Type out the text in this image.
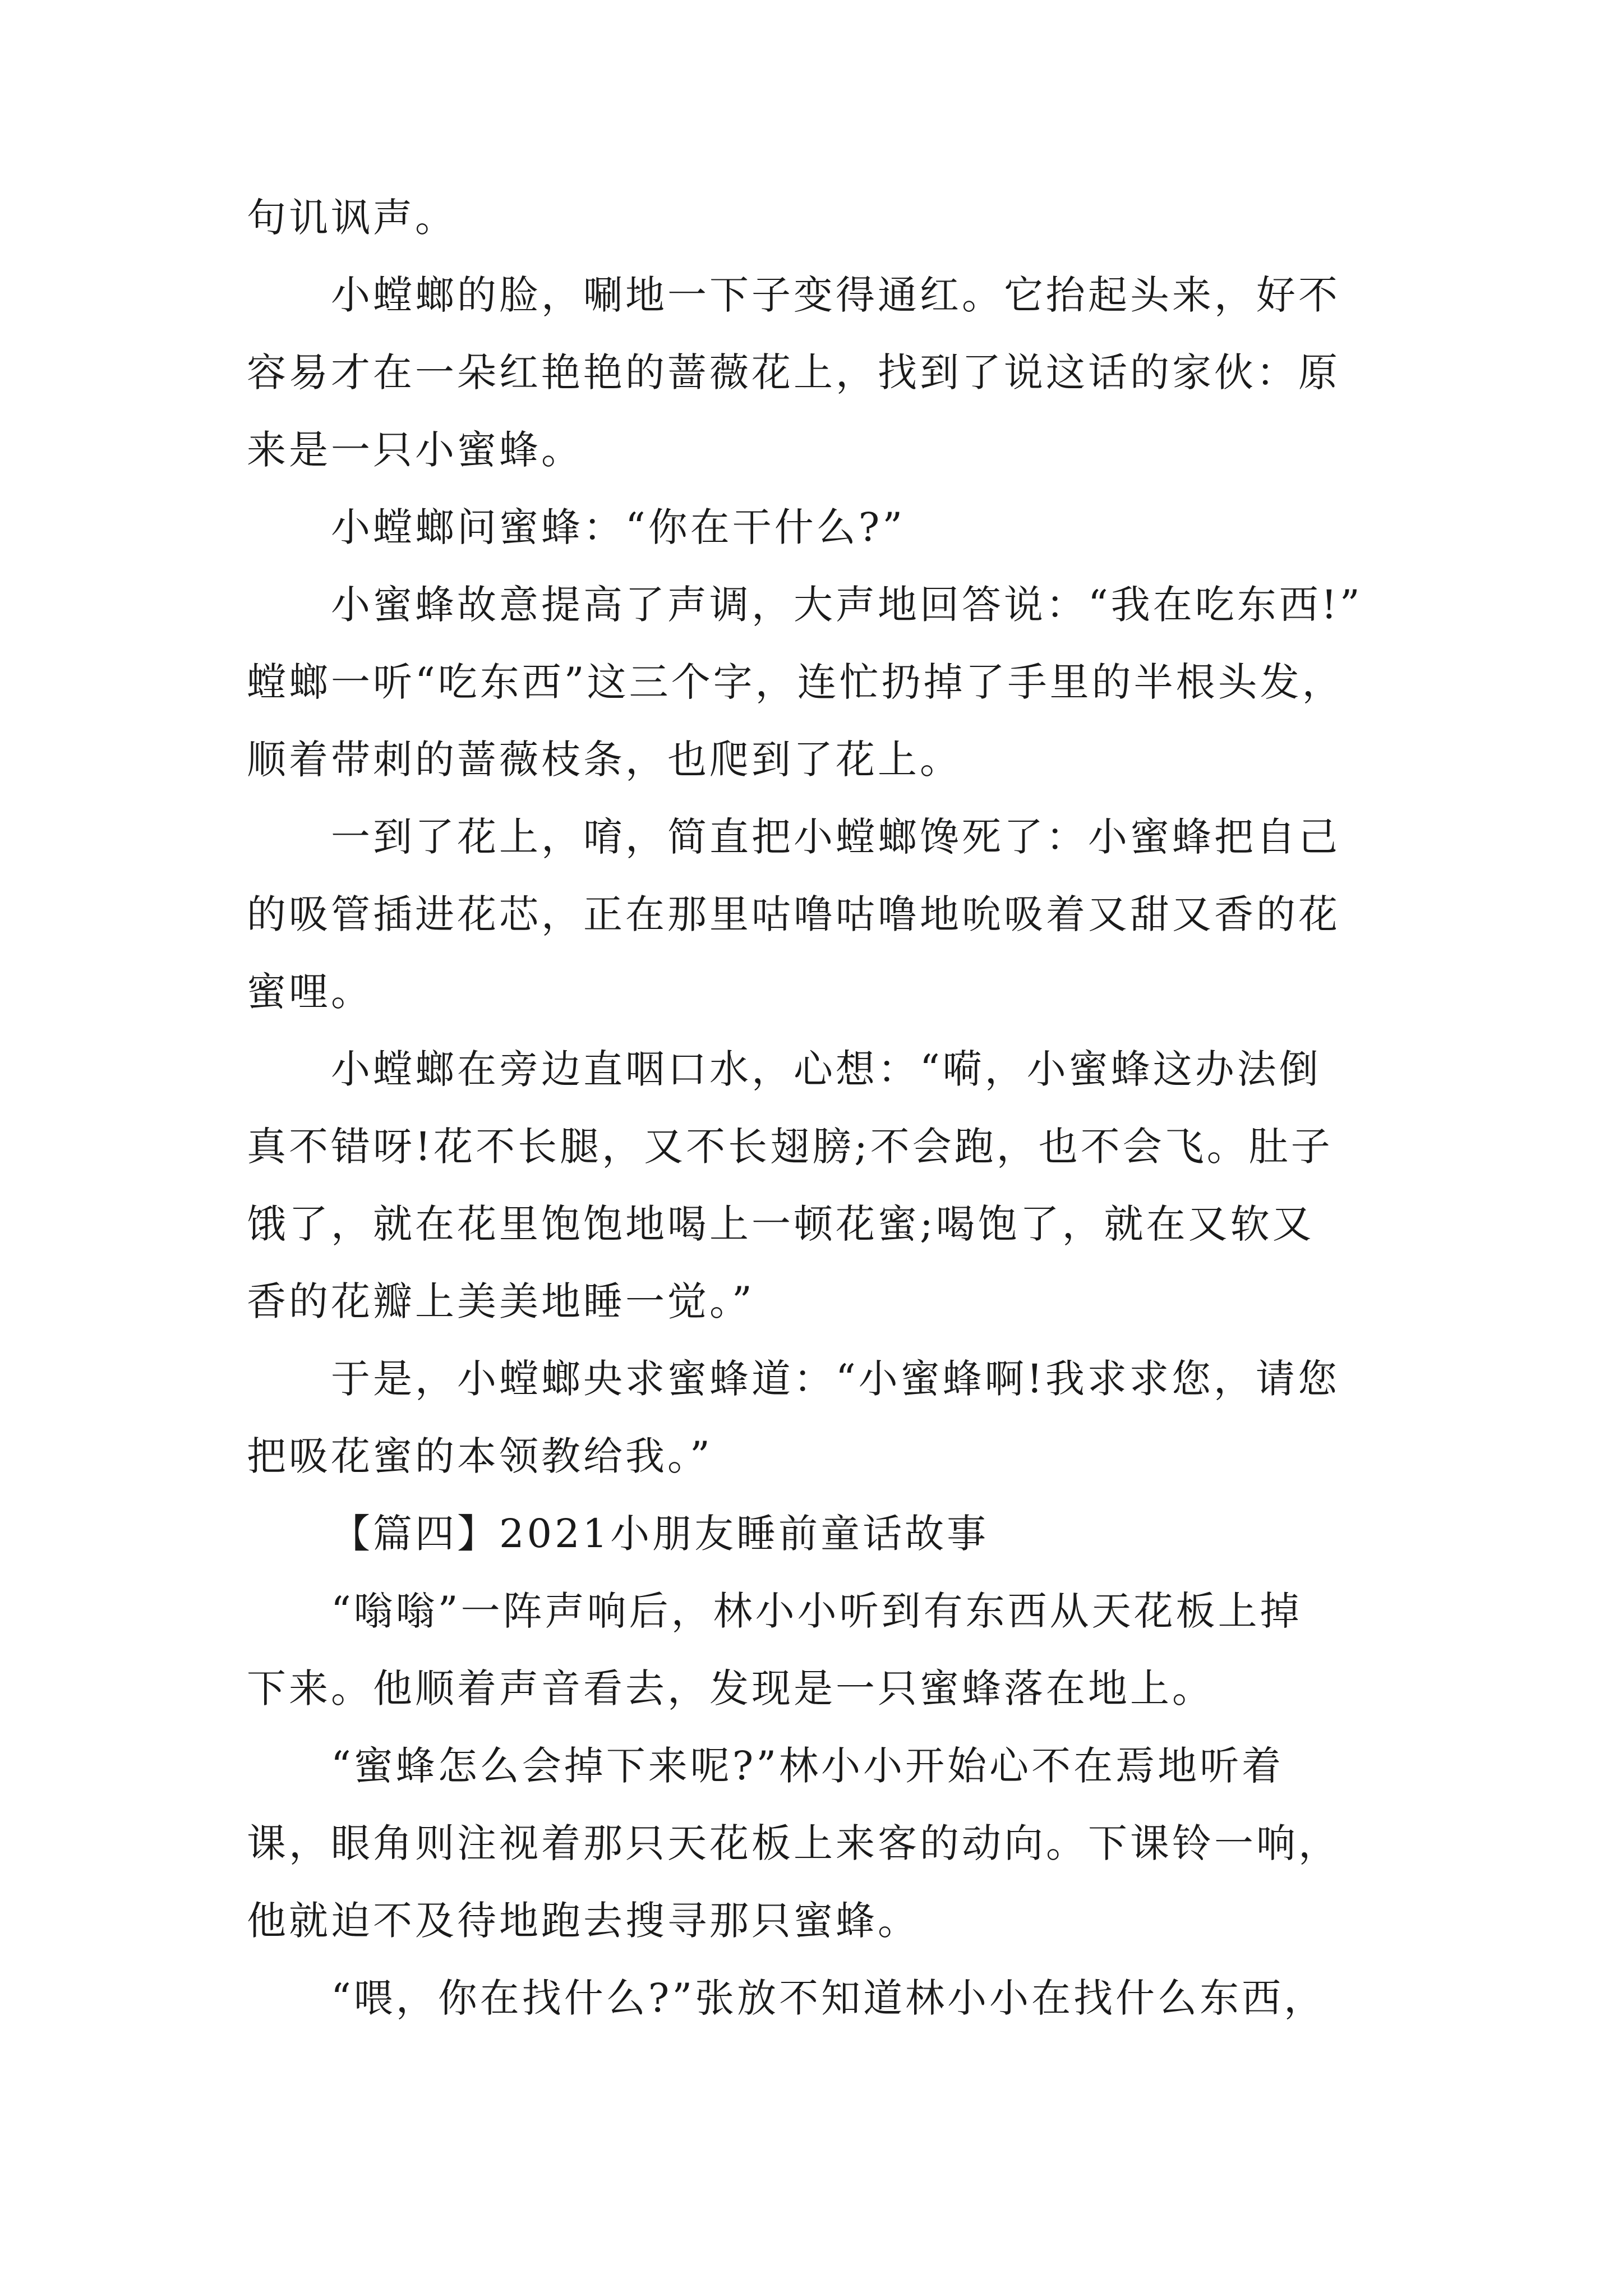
句讥讽声。
小螳螂的脸，唰地一下子变得通红。它抬起头来，好不
容易才在一朵红艳艳的蔷薇花上，找到了说这话的家伙：原
来是一只小蜜蜂。
小螳螂问蜜蜂：“你在干什么?”
小蜜蜂故意提高了声调，大声地回答说：“我在吃东西!”
螳螂一听“吃东西”这三个字，连忙扔掉了手里的半根头发，
顺着带刺的蔷薇枝条，也爬到了花上。
一到了花上，唷，简直把小螳螂馋死了：小蜜蜂把自己
的吸管插进花芯，正在那里咕噜咕噜地吮吸着又甜又香的花
蜜哩。
小螳螂在旁边直咽口水，心想：“嗬，小蜜蜂这办法倒
真不错呀!花不长腿，又不长翅膀;不会跑，也不会飞。肚子
饿了，就在花里饱饱地喝上一顿花蜜;喝饱了，就在又软又
香的花瓣上美美地睡一觉。”
于是，小螳螂央求蜜蜂道：“小蜜蜂啊!我求求您，请您
把吸花蜜的本领教给我。”
【篇四】2021小朋友睡前童话故事
“嗡嗡”一阵声响后，林小小听到有东西从天花板上掉
下来。他顺着声音看去，发现是一只蜜蜂落在地上。
“蜜蜂怎么会掉下来呢?”林小小开始心不在焉地听着
课，眼角则注视着那只天花板上来客的动向。下课铃一响，
他就迫不及待地跑去搜寻那只蜜蜂。
“喂，你在找什么?”张放不知道林小小在找什么东西，
